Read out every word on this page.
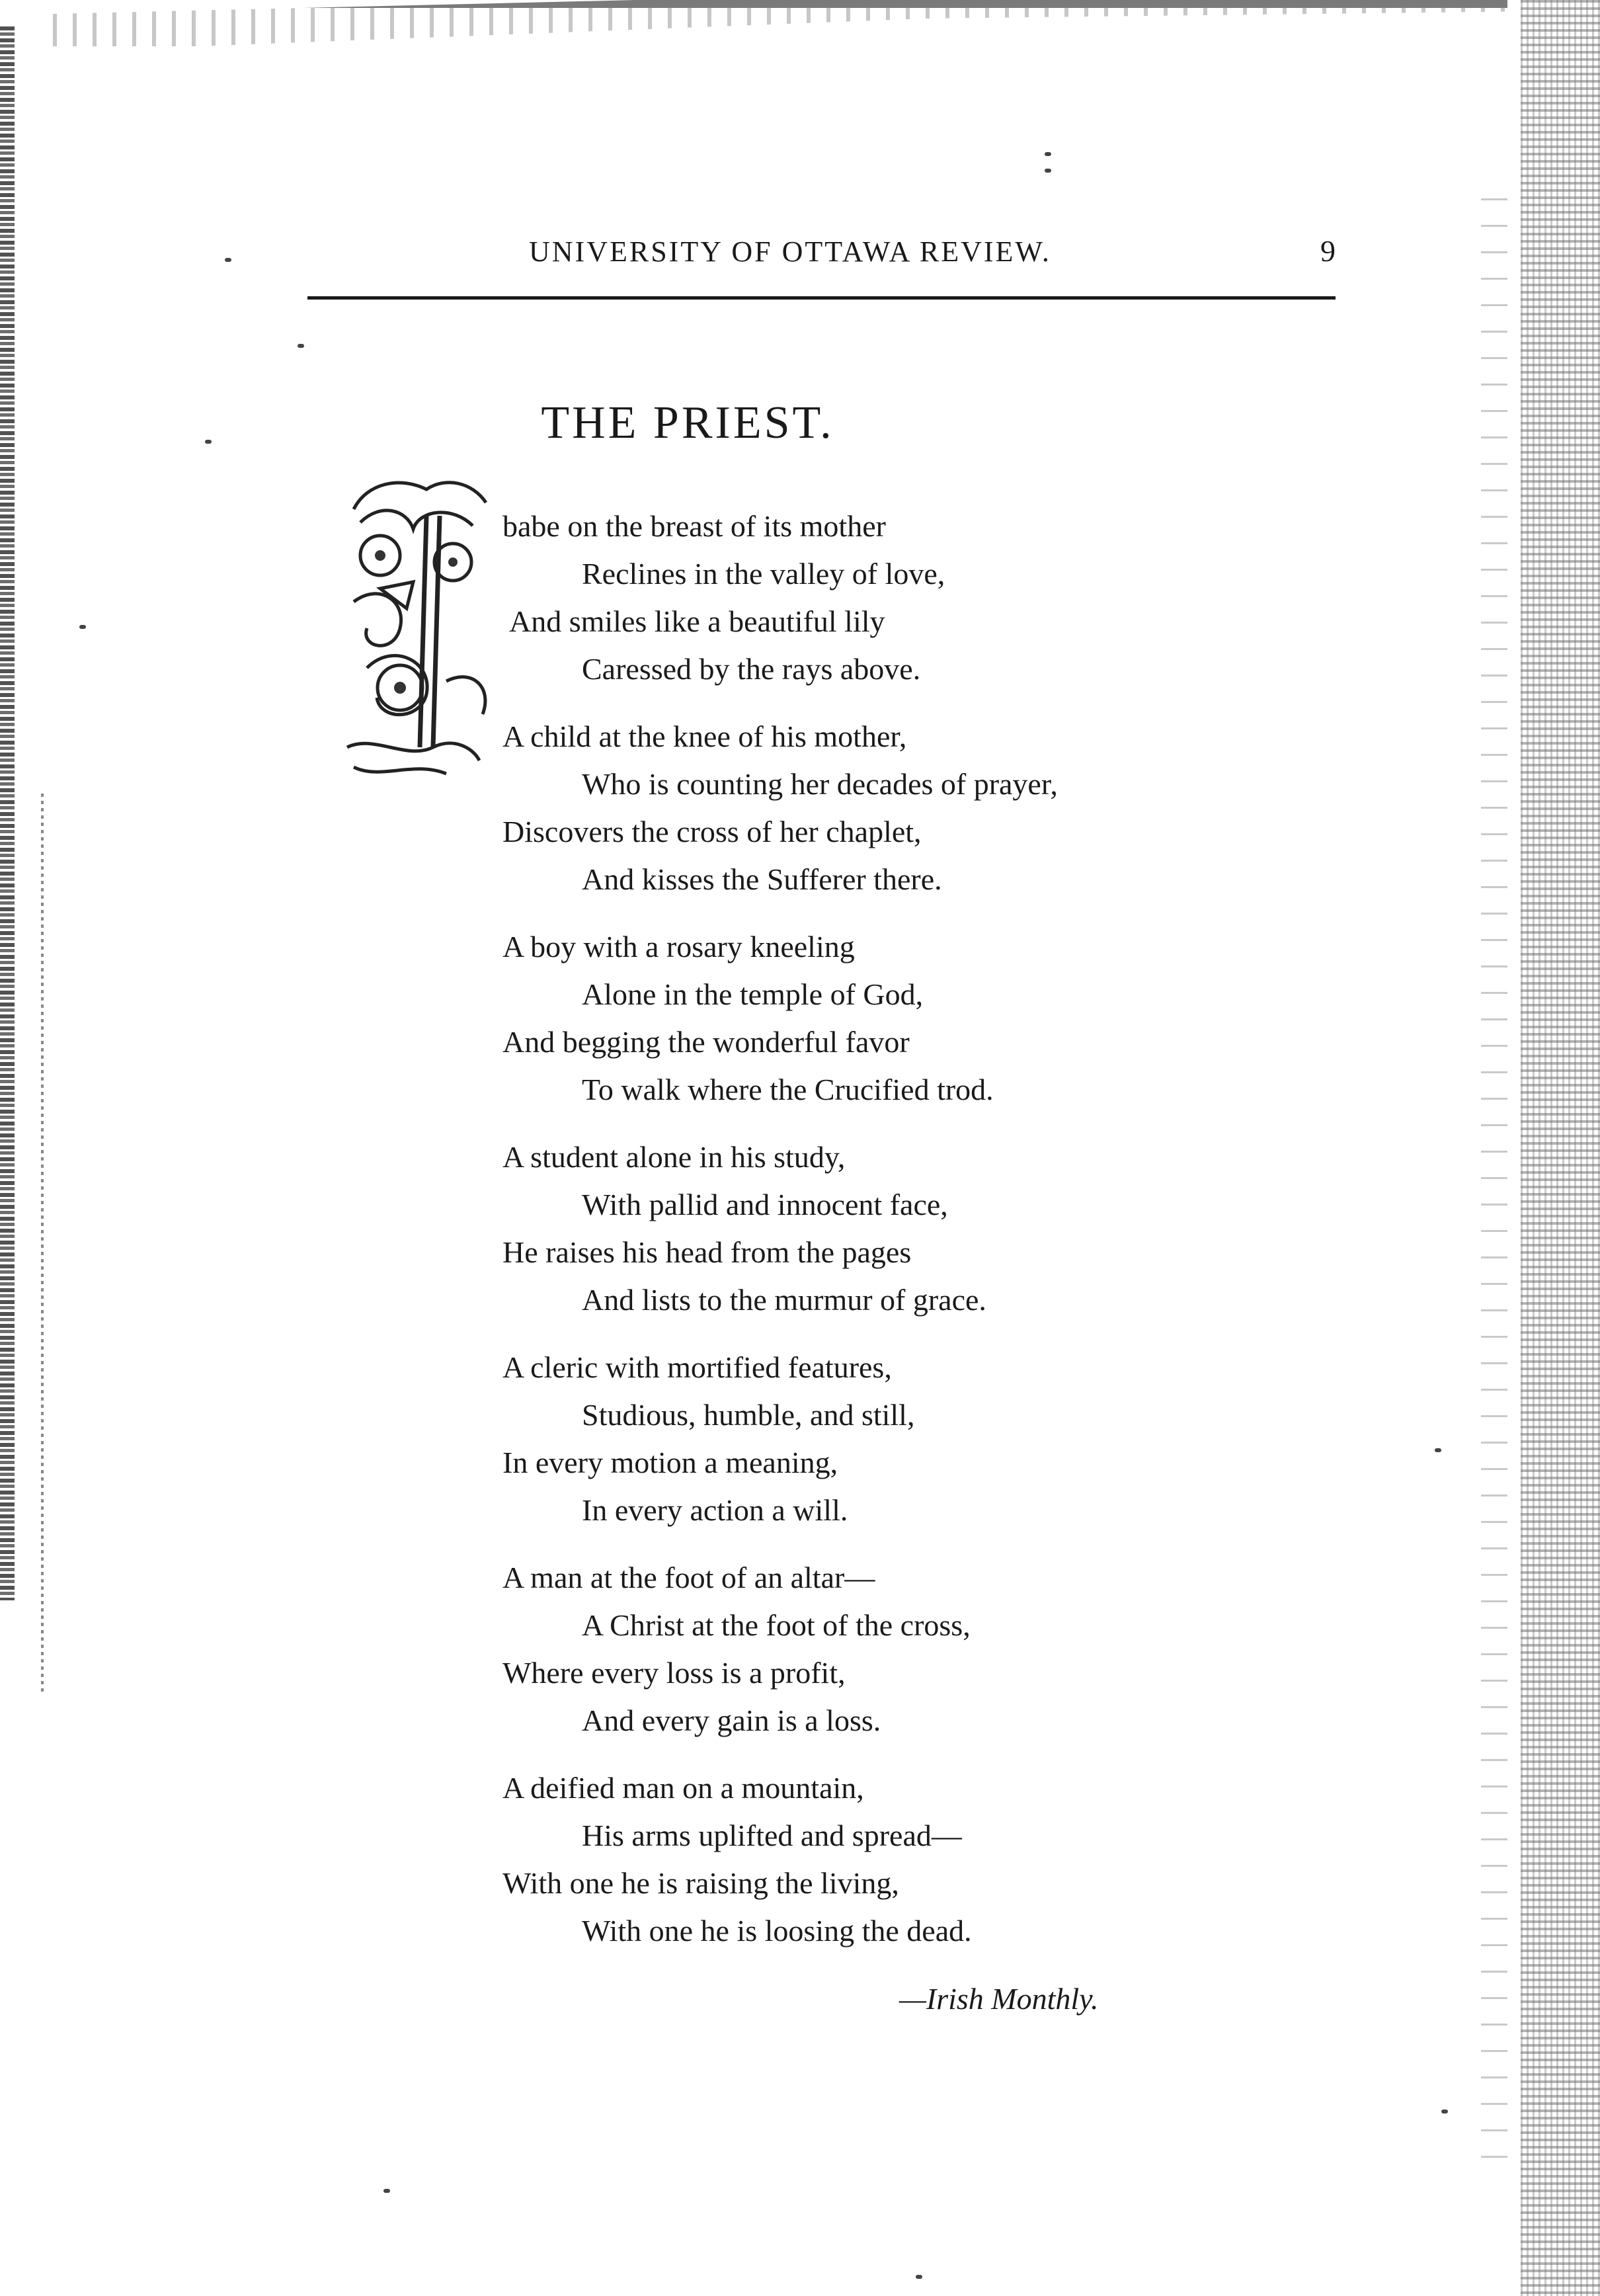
UNIVERSITY OF OTTAWA REVIEW.	9
THE PRIEST.
babe on the breast of its mother
Reclines in the valley of love,
And smiles like a beautiful lily
Caressed by the rays above.
A child at the knee of his mother,
Who is counting her decades of prayer,
Discovers the cross of her chaplet,
And kisses the Sufferer there.
A boy with a rosary kneeling
Alone in the temple of God,
And begging the wonderful favor
To walk where the Crucified trod.
A student alone in his study,
With pallid and innocent face,
He raises his head from the pages
And lists to the murmur of grace.
A cleric with mortified features,
Studious, humble, and still,
In every motion a meaning,
In every action a will.
A man at the foot of an altar—
A Christ at the foot of the cross,
Where every loss is a profit,
And every gain is a loss.
A deified man on a mountain,
His arms uplifted and spread—
With one he is raising the living,
With one he is loosing the dead.
—Irish Monthly.
